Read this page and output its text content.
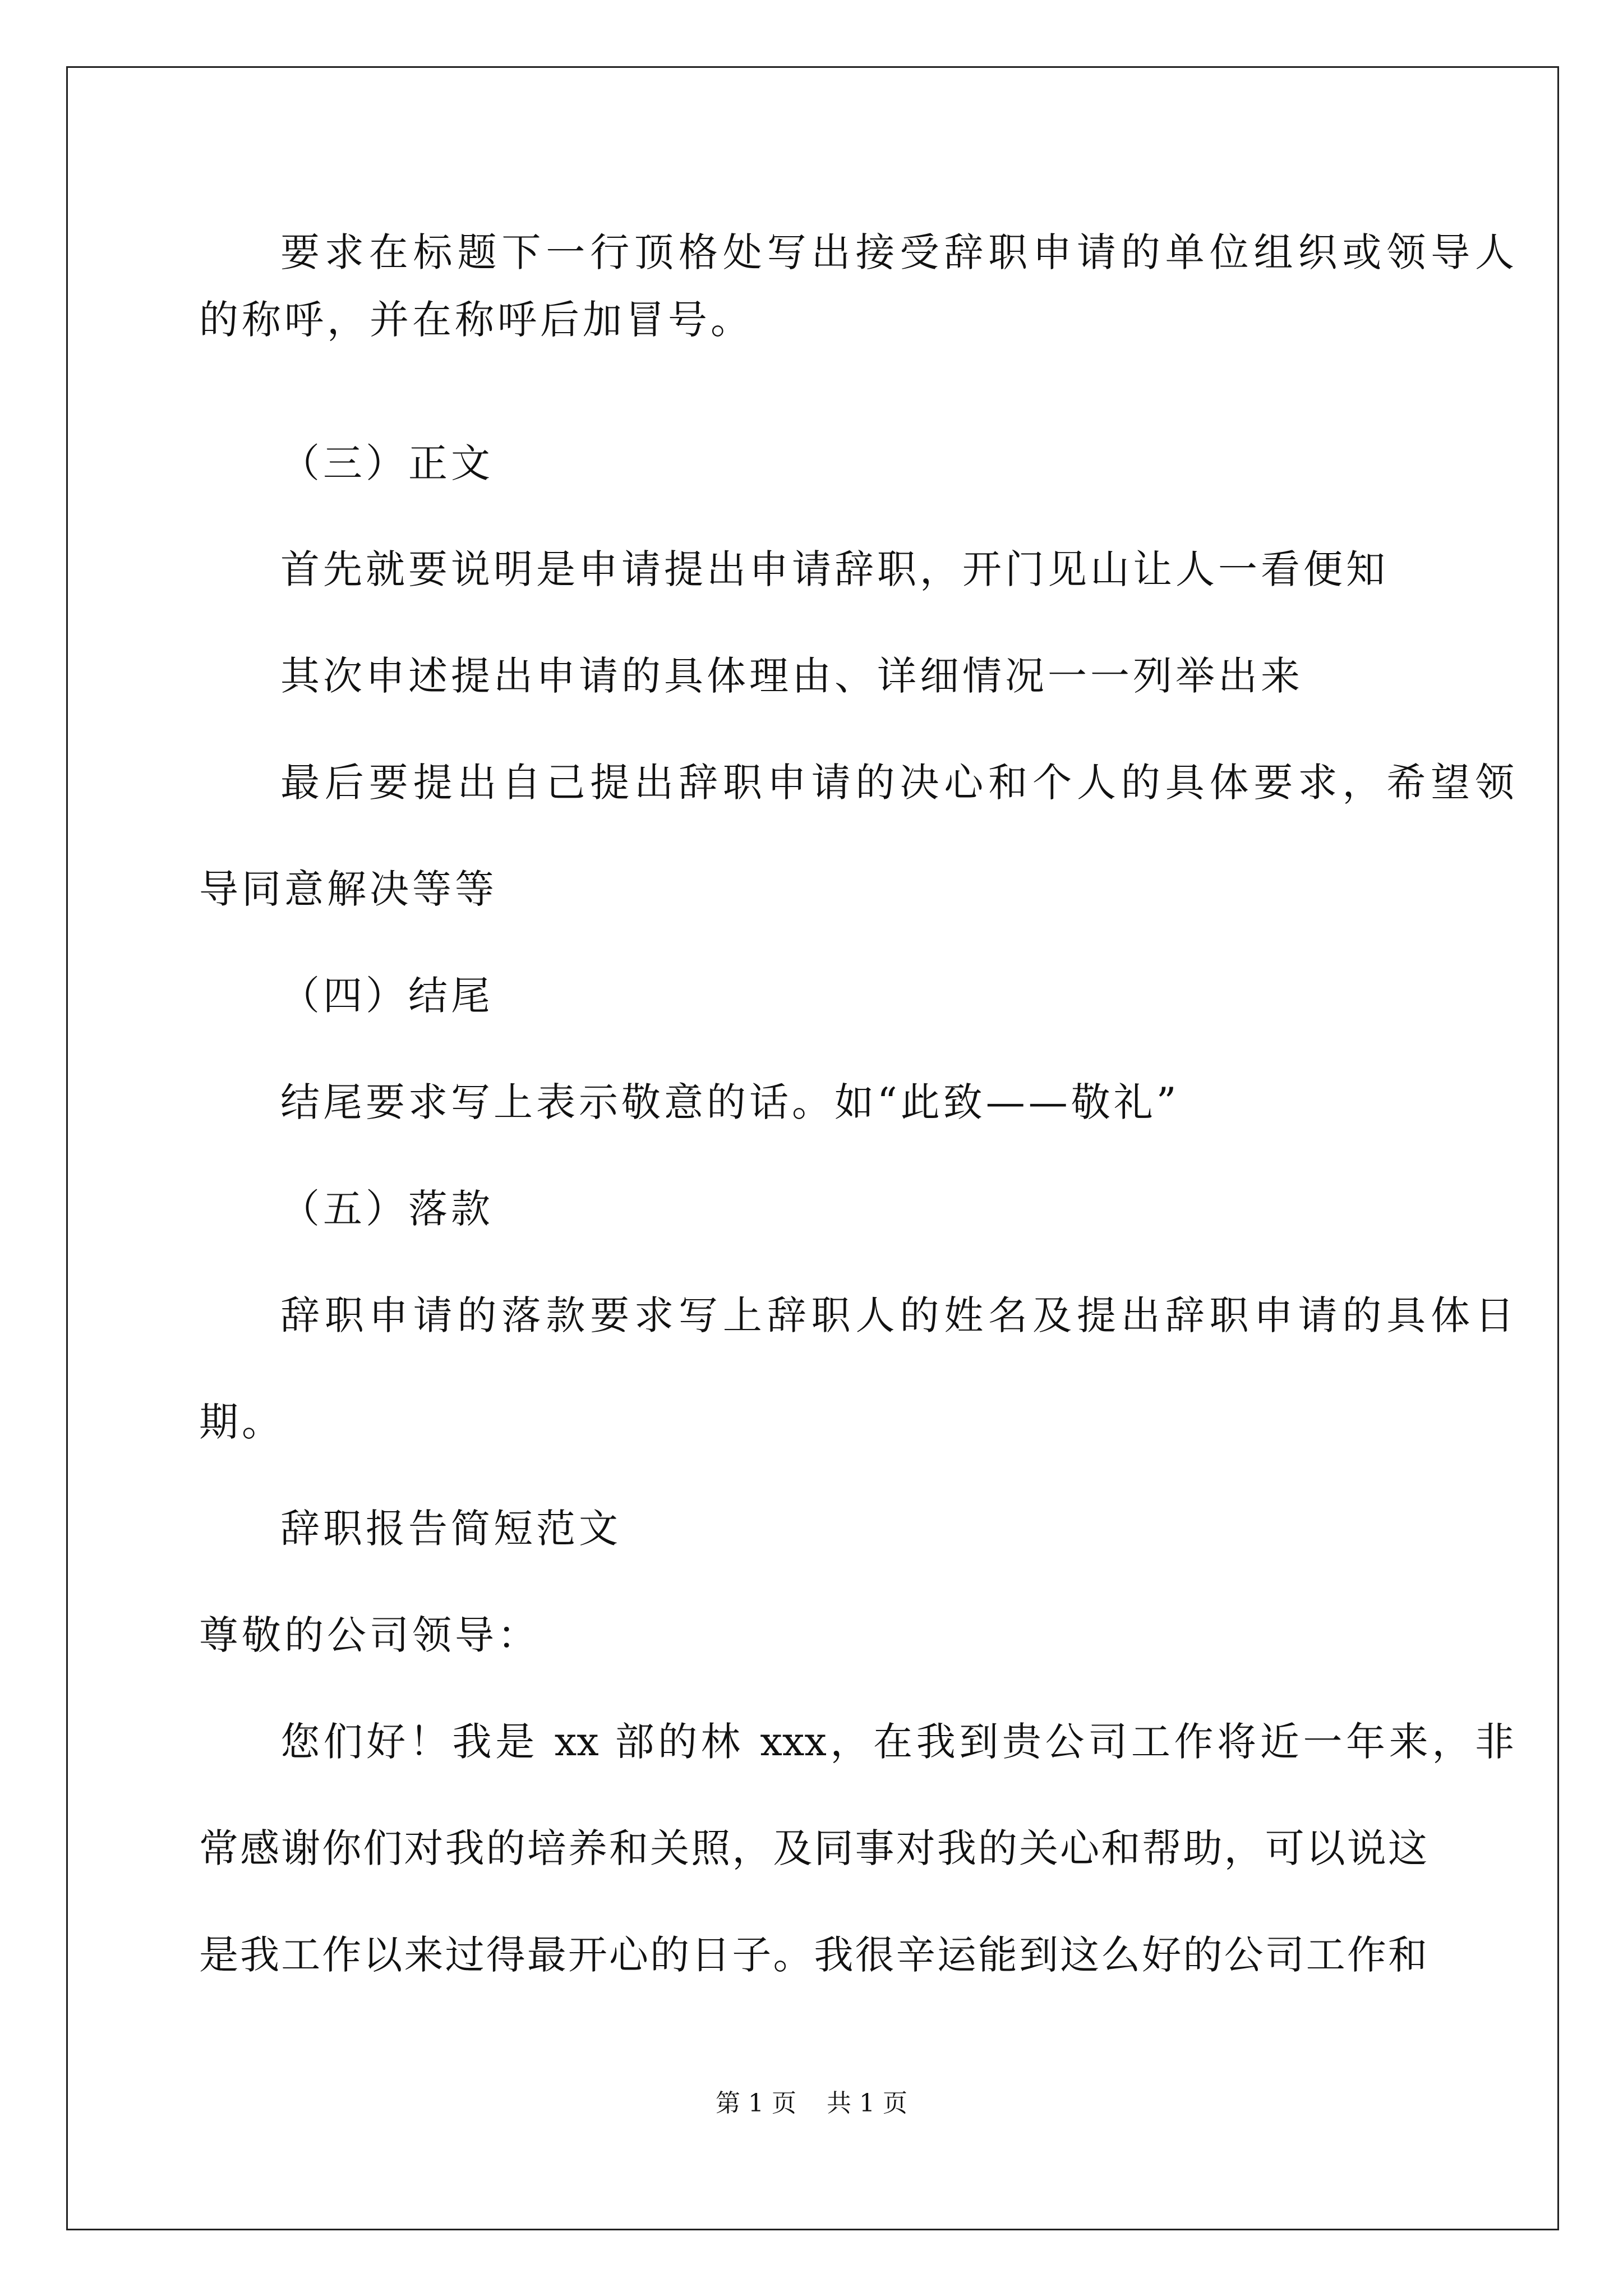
要求在标题下一行顶格处写出接受辞职申请的单位组织或领导人
的称呼，并在称呼后加冒号。
（三）正文
首先就要说明是申请提出申请辞职，开门见山让人一看便知
其次申述提出申请的具体理由、详细情况一一列举出来
最后要提出自己提出辞职申请的决心和个人的具体要求，希望领
导同意解决等等
（四）结尾
结尾要求写上表示敬意的话。如“此致——敬礼”
（五）落款
辞职申请的落款要求写上辞职人的姓名及提出辞职申请的具体日
期。
辞职报告简短范文
尊敬的公司领导：
您们好！我是 xx 部的林 xxx，在我到贵公司工作将近一年来，非
常感谢你们对我的培养和关照，及同事对我的关心和帮助，可以说这
是我工作以来过得最开心的日子。我很辛运能到这么好的公司工作和
第 1 页 共 1 页
